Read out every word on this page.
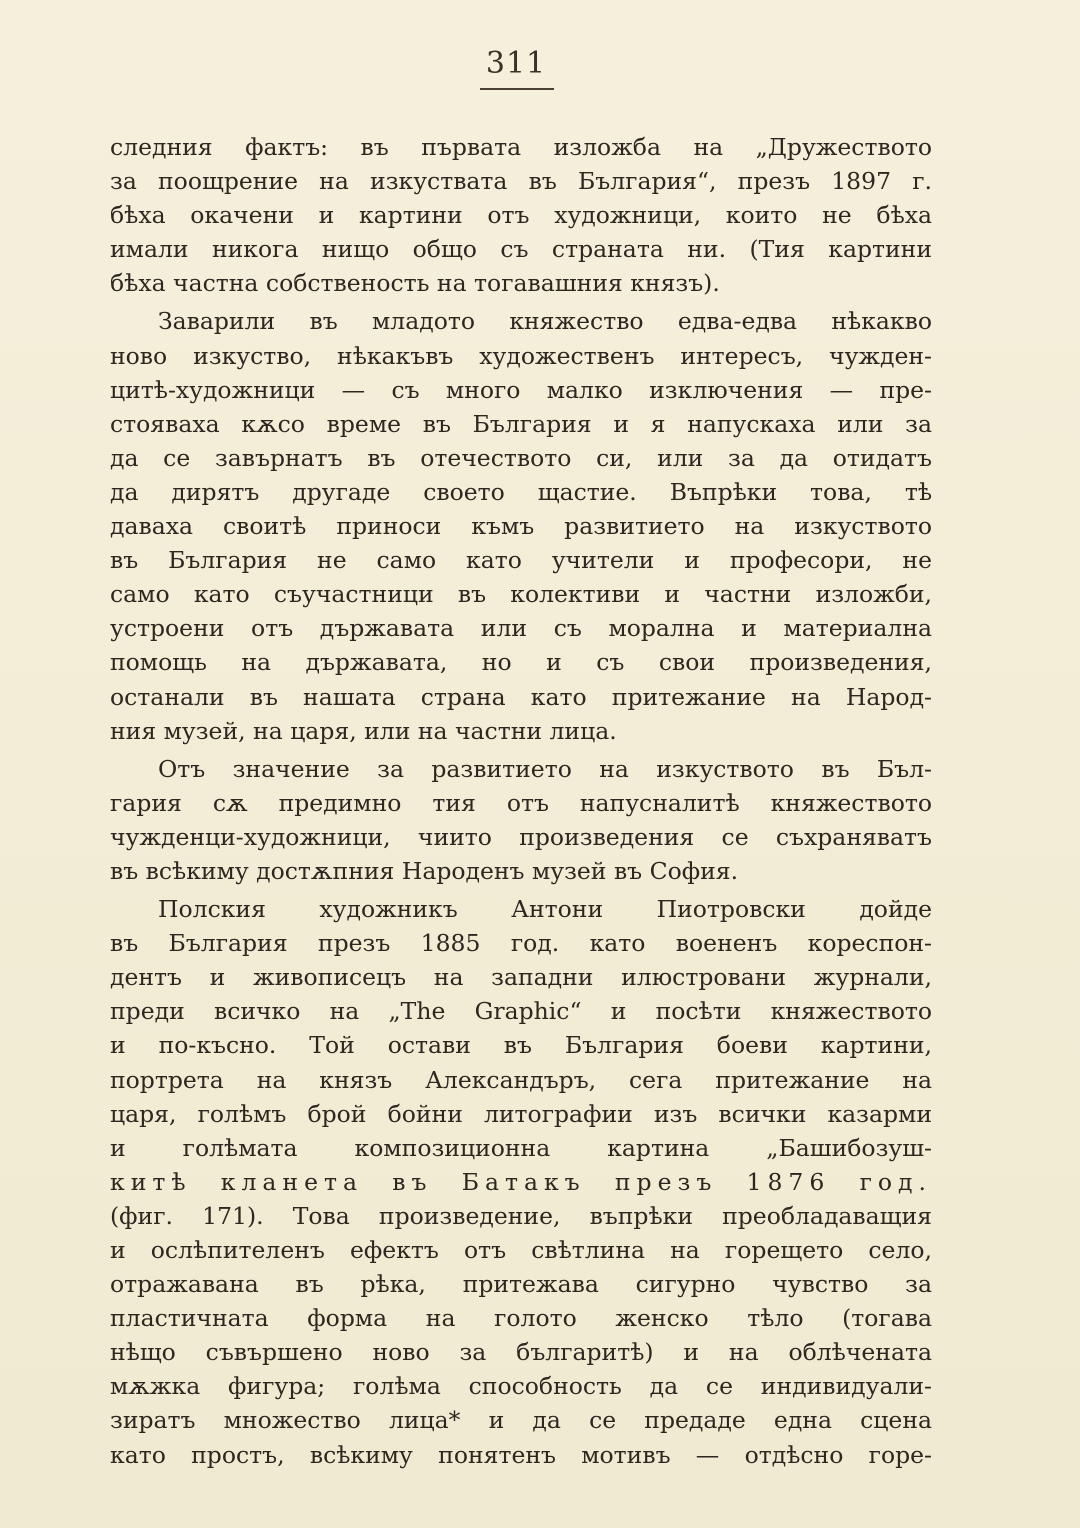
311
следния фактъ: въ първата изложба на „Дружеството
за поощрение на изкуствата въ България“, презъ 1897 г.
бѣха окачени и картини отъ художници, които не бѣха
имали никога нищо общо съ страната ни. (Тия картини
бѣха частна собственость на тогавашния князъ).
Заварили въ младото княжество едва-едва нѣкакво
ново изкуство, нѣкакъвъ художественъ интересъ, чужден-
цитѣ-художници — съ много малко изключения — пре-
стояваха кѫсо време въ България и я напускаха или за
да се завърнатъ въ отечеството си, или за да отидатъ
да дирятъ другаде своето щастие. Въпрѣки това, тѣ
даваха своитѣ приноси къмъ развитието на изкуството
въ България не само като учители и професори, не
само като съучастници въ колективи и частни изложби,
устроени отъ държавата или съ морална и материална
помощь на държавата, но и съ свои произведения,
останали въ нашата страна като притежание на Народ-
ния музей, на царя, или на частни лица.
Отъ значение за развитието на изкуството въ Бъл-
гария сѫ предимно тия отъ напусналитѣ княжеството
чужденци-художници, чиито произведения се съхраняватъ
въ всѣкиму достѫпния Народенъ музей въ София.
Полския художникъ Антони Пиотровски дойде
въ България презъ 1885 год. като воененъ кореспон-
дентъ и живописецъ на западни илюстровани журнали,
преди всичко на „The Graphic“ и посѣти княжеството
и по-късно. Той остави въ България боеви картини,
портрета на князъ Александъръ, сега притежание на
царя, голѣмъ брой бойни литографии изъ всички казарми
и голѣмата композиционна картина „Башибозуш-
китѣ кланета въ Батакъ презъ 1876 год.
(фиг. 171). Това произведение, въпрѣки преобладаващия
и ослѣпителенъ ефектъ отъ свѣтлина на горещето село,
отражавана въ рѣка, притежава сигурно чувство за
пластичната форма на голото женско тѣло (тогава
нѣщо съвършено ново за българитѣ) и на облѣчената
мѫжка фигура; голѣма способность да се индивидуали-
зиратъ множество лица* и да се предаде една сцена
като простъ, всѣкиму понятенъ мотивъ — отдѣсно горе-
